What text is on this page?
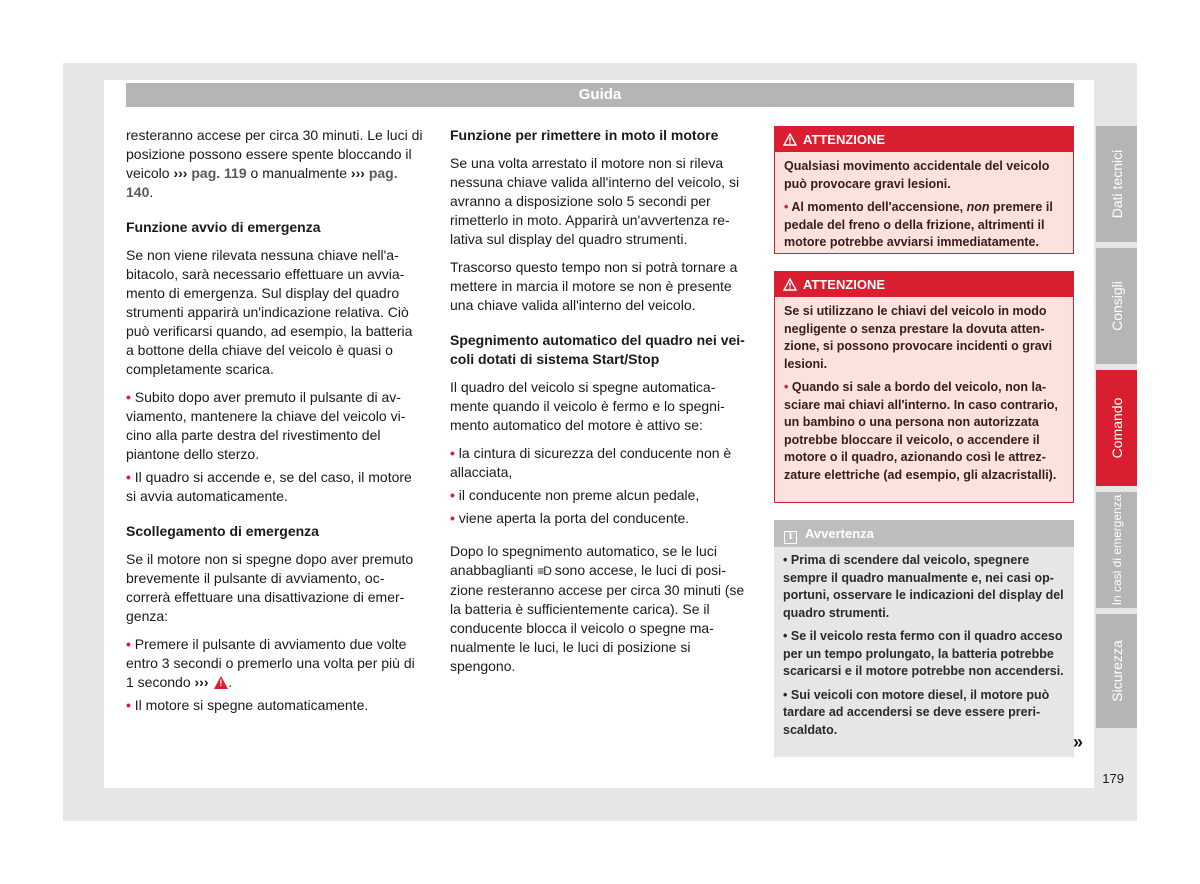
Guida

resteranno accese per circa 30 minuti. Le luci di posizione possono essere spente bloccando il veicolo ››› pag. 119 o manualmente ››› pag. 140.

Funzione avvio di emergenza

Se non viene rilevata nessuna chiave nell'abitacolo, sarà necessario effettuare un avviamento di emergenza. Sul display del quadro strumenti apparirà un'indicazione relativa. Ciò può verificarsi quando, ad esempio, la batteria a bottone della chiave del veicolo è quasi o completamente scarica.

• Subito dopo aver premuto il pulsante di avviamento, mantenere la chiave del veicolo vicino alla parte destra del rivestimento del piantone dello sterzo.

• Il quadro si accende e, se del caso, il motore si avvia automaticamente.

Scollegamento di emergenza

Se il motore non si spegne dopo aver premuto brevemente il pulsante di avviamento, occorrerà effettuare una disattivazione di emergenza:

• Premere il pulsante di avviamento due volte entro 3 secondi o premerlo una volta per più di 1 secondo ››› ! .

• Il motore si spegne automaticamente.

Funzione per rimettere in moto il motore

Se una volta arrestato il motore non si rileva nessuna chiave valida all'interno del veicolo, si avranno a disposizione solo 5 secondi per rimetterlo in moto. Apparirà un'avvertenza relativa sul display del quadro strumenti.

Trascorso questo tempo non si potrà tornare a mettere in marcia il motore se non è presente una chiave valida all'interno del veicolo.

Spegnimento automatico del quadro nei veicoli dotati di sistema Start/Stop

Il quadro del veicolo si spegne automaticamente quando il veicolo è fermo e lo spegnimento automatico del motore è attivo se:

• la cintura di sicurezza del conducente non è allacciata,

• il conducente non preme alcun pedale,

• viene aperta la porta del conducente.

Dopo lo spegnimento automatico, se le luci anabbaglianti ≡D sono accese, le luci di posizione resteranno accese per circa 30 minuti (se la batteria è sufficientemente carica). Se il conducente blocca il veicolo o spegne manualmente le luci, le luci di posizione si spengono.

ATTENZIONE

Qualsiasi movimento accidentale del veicolo può provocare gravi lesioni.

• Al momento dell'accensione, non premere il pedale del freno o della frizione, altrimenti il motore potrebbe avviarsi immediatamente.

ATTENZIONE

Se si utilizzano le chiavi del veicolo in modo negligente o senza prestare la dovuta attenzione, si possono provocare incidenti o gravi lesioni.

• Quando si sale a bordo del veicolo, non lasciare mai chiavi all'interno. In caso contrario, un bambino o una persona non autorizzata potrebbe bloccare il veicolo, o accendere il motore o il quadro, azionando così le attrezzature elettriche (ad esempio, gli alzacristalli).

i Avvertenza

• Prima di scendere dal veicolo, spegnere sempre il quadro manualmente e, nei casi opportuni, osservare le indicazioni del display del quadro strumenti.

• Se il veicolo resta fermo con il quadro acceso per un tempo prolungato, la batteria potrebbe scaricarsi e il motore potrebbe non accendersi.

• Sui veicoli con motore diesel, il motore può tardare ad accendersi se deve essere preriscaldato.

»
Dati tecnici
Consigli
Comando
In casi di emergenza
Sicurezza
179
